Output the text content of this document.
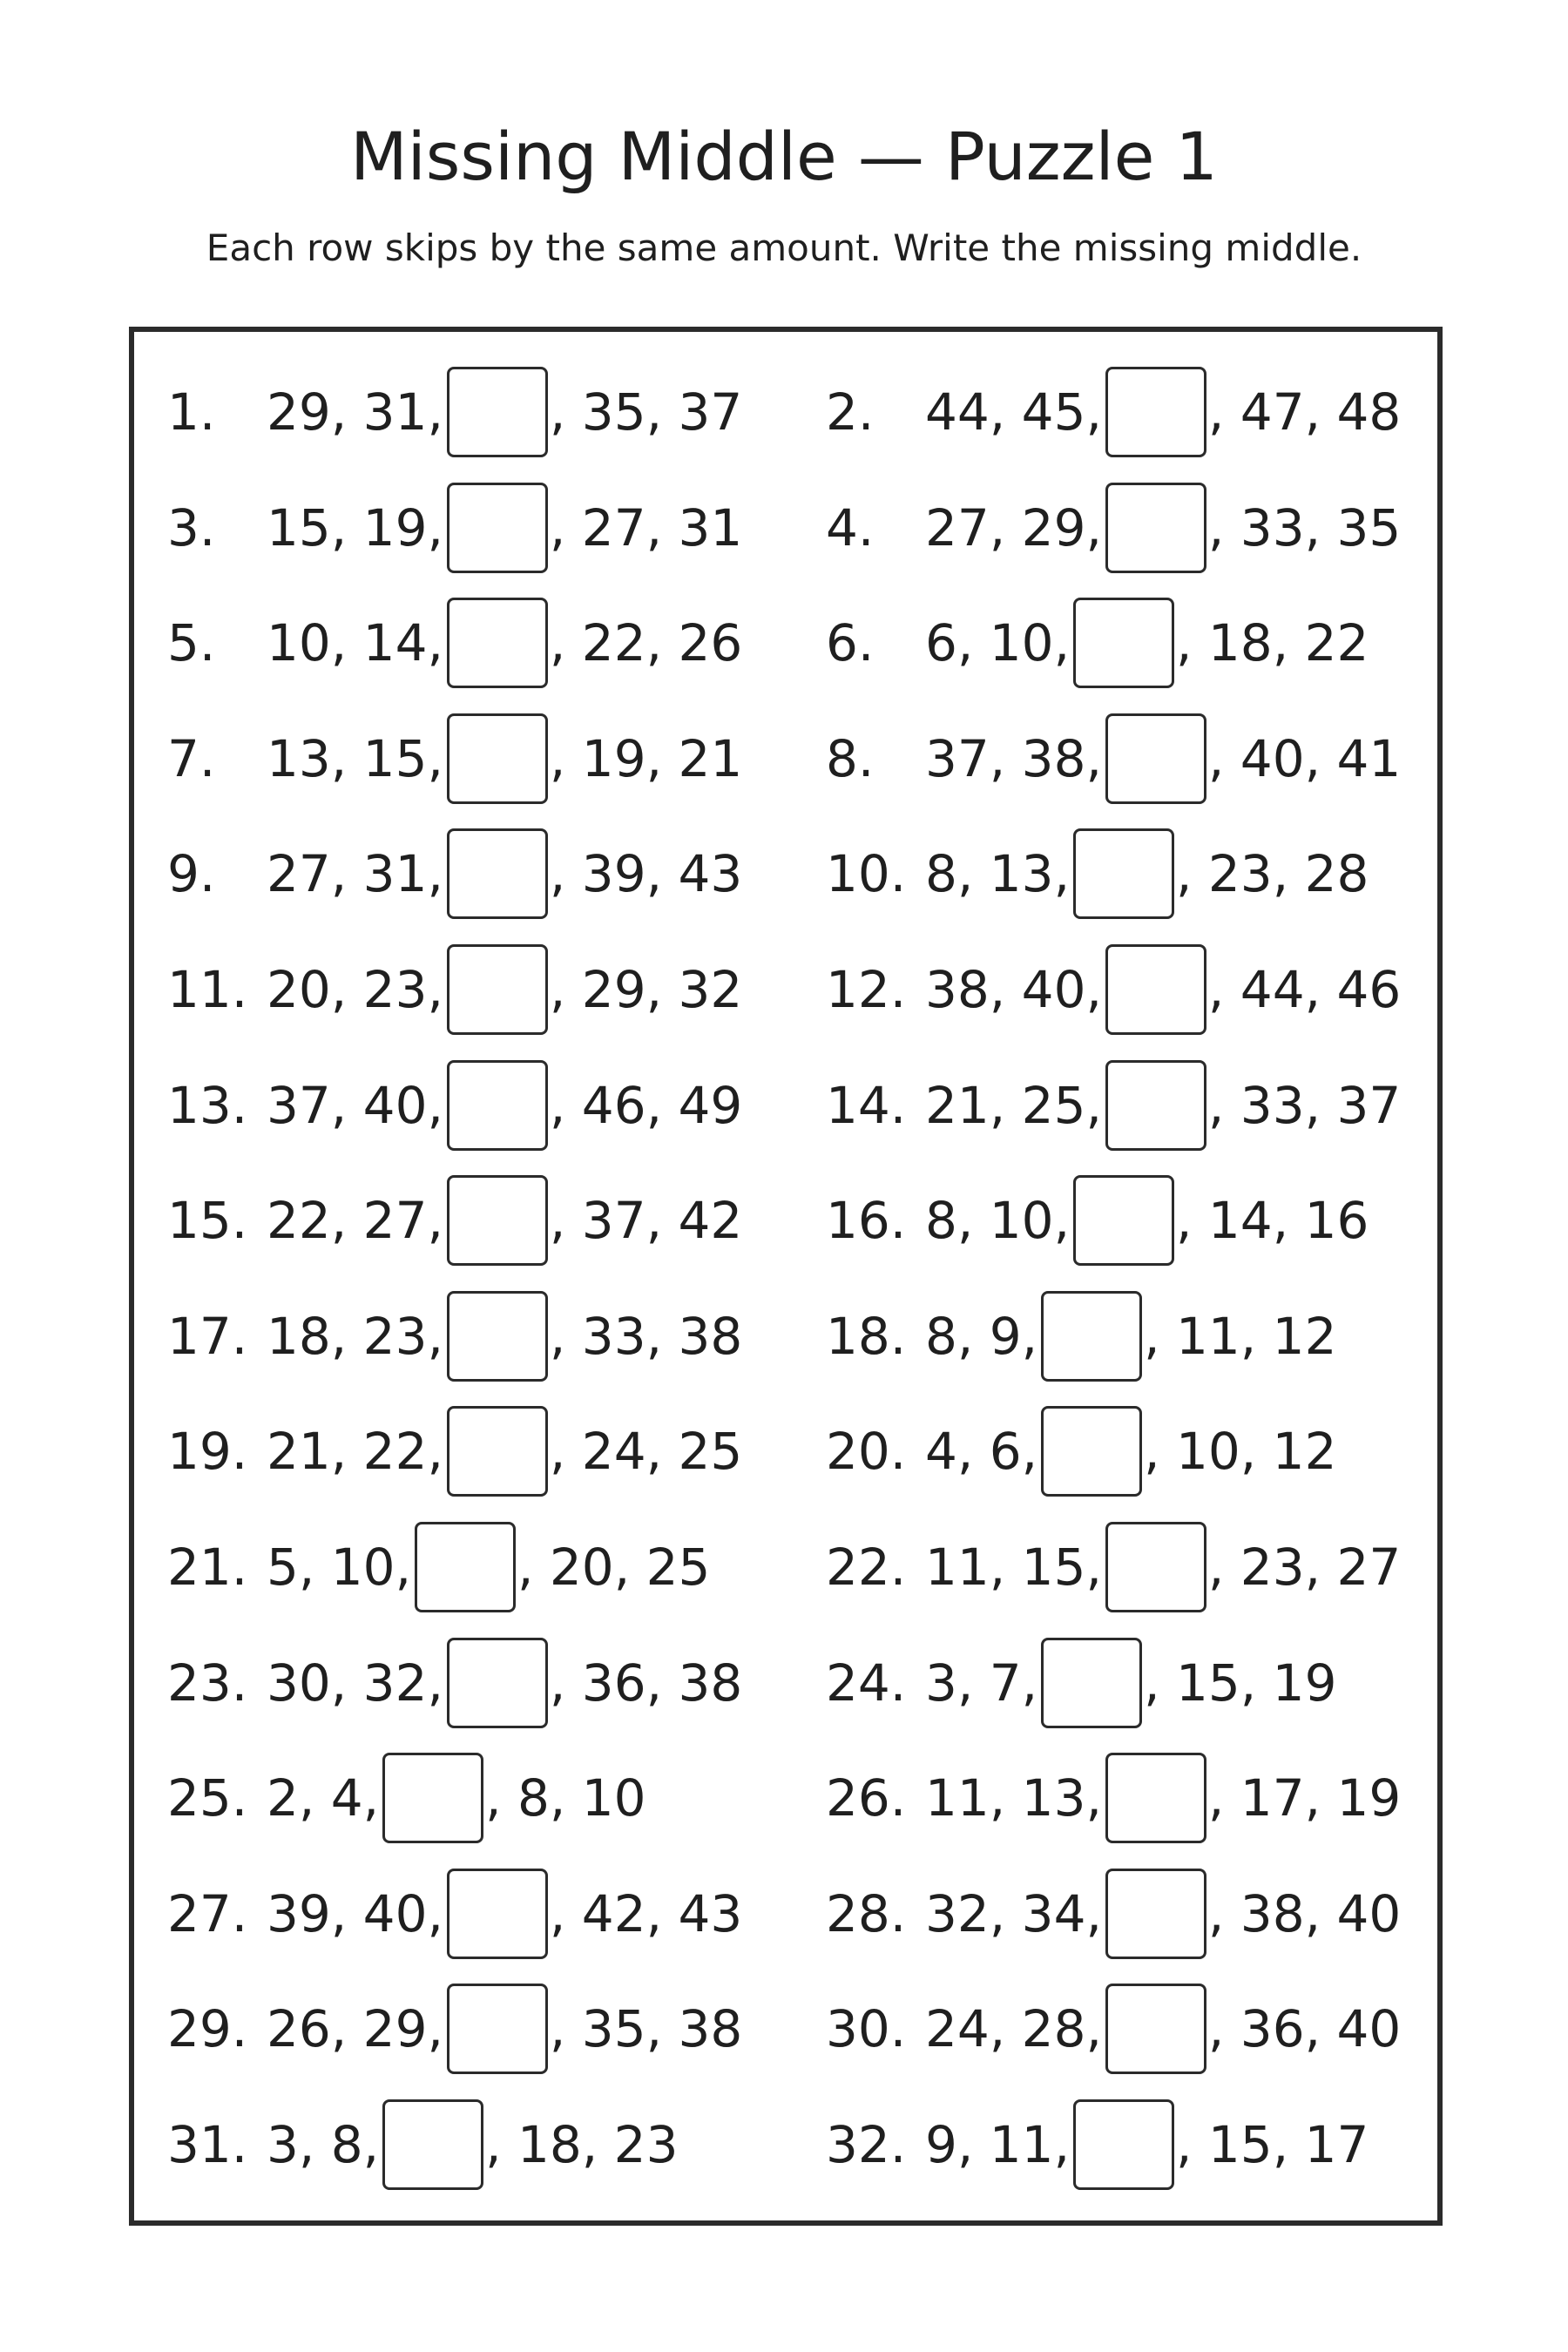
Missing Middle — Puzzle 1
Each row skips by the same amount. Write the missing middle.
1.	29, 31, , 35, 37 2.	44, 45, , 47, 48
3.	15, 19, , 27, 31 4.	27, 29, , 33, 35
5.	10, 14, , 22, 26 6.	6, 10, , 18, 22
7.	13, 15, , 19, 21 8.	37, 38, , 40, 41
9.	27, 31, , 39, 43 10. 8, 13, , 23, 28
11. 20, 23, , 29, 32 12. 38, 40, , 44, 46
13. 37, 40, , 46, 49 14. 21, 25, , 33, 37
15. 22, 27, , 37, 42 16. 8, 10, , 14, 16
17. 18, 23, , 33, 38 18. 8, 9, , 11, 12
19. 21, 22, , 24, 25 20. 4, 6, , 10, 12
21. 5, 10, , 20, 25 22. 11, 15, , 23, 27
23. 30, 32, , 36, 38 24. 3, 7, , 15, 19
25. 2, 4, , 8, 10	26. 11, 13, , 17, 19
27. 39, 40, , 42, 43 28. 32, 34, , 38, 40
29. 26, 29, , 35, 38 30. 24, 28, , 36, 40
31. 3, 8, , 18, 23	32. 9, 11, , 15, 17
